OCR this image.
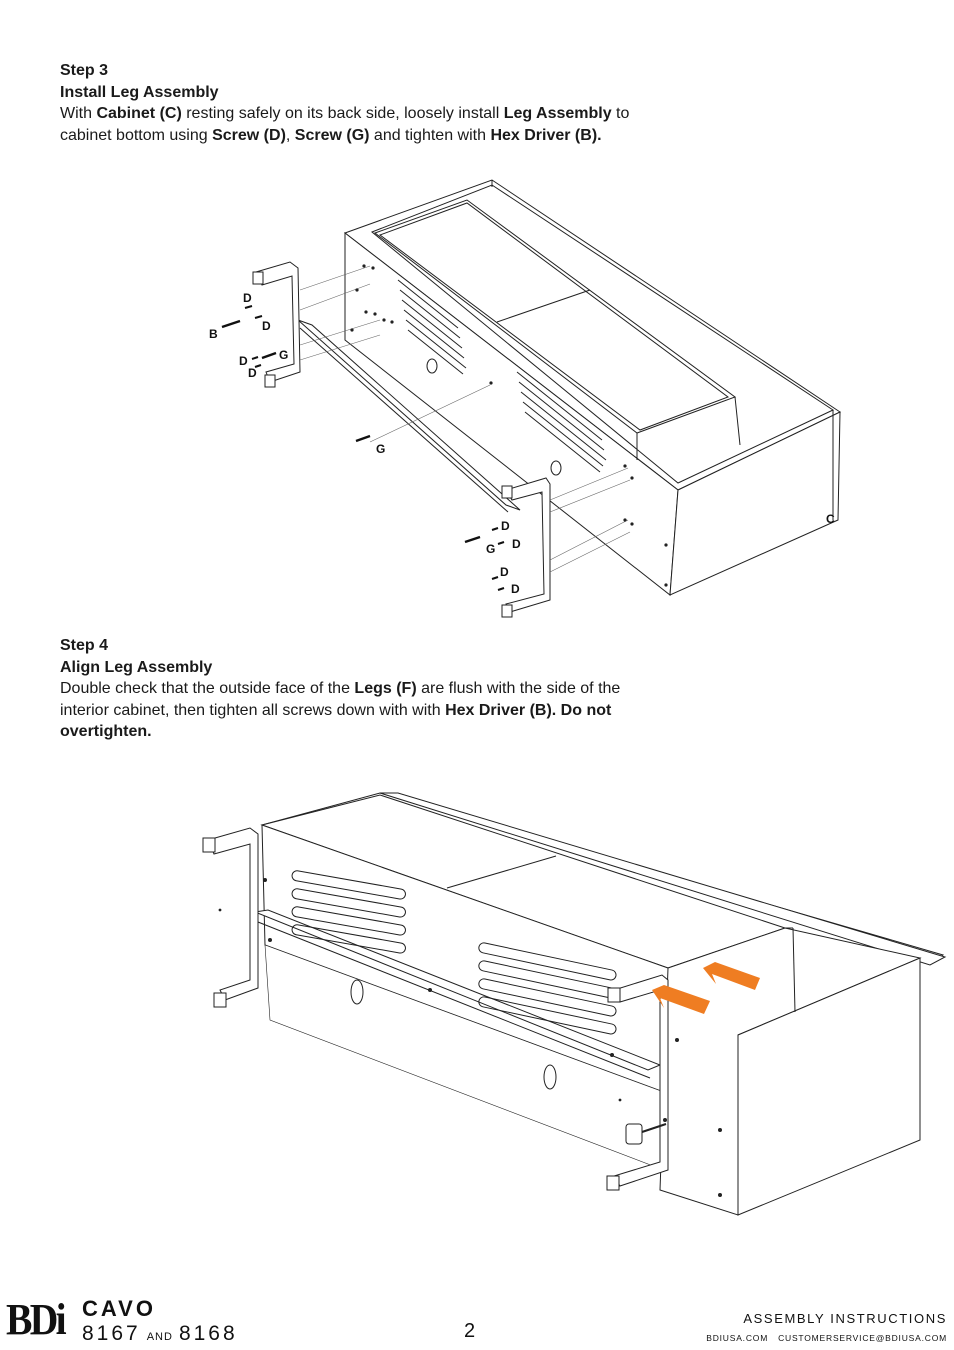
Step 3
Install Leg Assembly
With Cabinet (C) resting safely on its back side, loosely install Leg Assembly to cabinet bottom using Screw (D), Screw (G) and tighten with Hex Driver (B).
D
D
B
D	G
D
G
C
D
G D
D
D
Step 4
Align Leg Assembly
Double check that the outside face of the Legs (F) are flush with the side of the interior cabinet, then tighten all screws down with with Hex Driver (B). Do not overtighten.
BDi CAVO
8167 AND 8168	2
ASSEMBLY INSTRUCTIONS
BDIUSA.COM CUSTOMERSERVICE@BDIUSA.COM
